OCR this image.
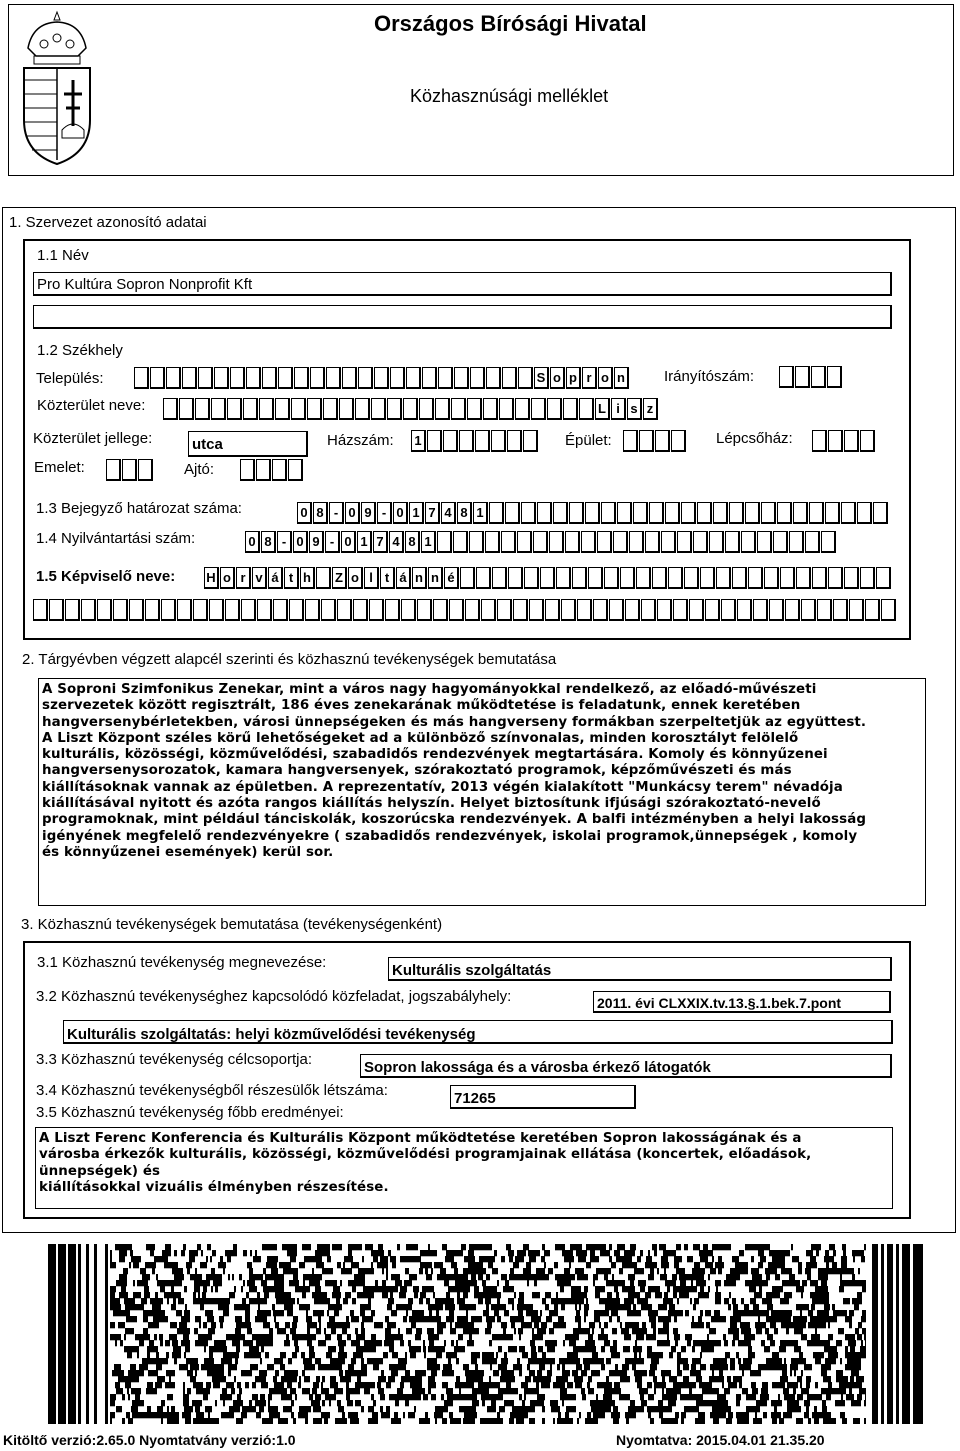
Országos Bírósági Hivatal
Közhasznúsági melléklet
1. Szervezet azonosító adatai
1.1 Név
Pro Kultúra Sopron Nonprofit Kft
1.2 Székhely
Település:	S o p r o n	Irányítószám:
Közterület neve:	L i s z
Közterület jellege:	utca	Házszám: 1	Épület:	Lépcsőház:
Emelet:	Ajtó:
1.3 Bejegyző határozat száma:	0 8 - 0 9 - 0 1 7 4 8 1
1.4 Nyilvántartási szám:	0 8 - 0 9 - 0 1 7 4 8 1
1.5 Képviselő neve: H o r v á t h	Z o l t á n n é
2. Tárgyévben végzett alapcél szerinti és közhasznú tevékenységek bemutatása
A Soproni Szimfonikus Zenekar, mint a város nagy hagyományokkal rendelkező, az előadó-művészeti
szervezetek között regisztrált, 186 éves zenekarának működtetése is feladatunk, ennek keretében
hangversenybérletekben, városi ünnepségeken és más hangverseny formákban szerpeltetjük az együttest.
A Liszt Központ széles körű lehetőségeket ad a különböző színvonalas, minden korosztályt felölelő
kulturális, közösségi, közművelődési, szabadidős rendezvények megtartására. Komoly és könnyűzenei
hangversenysorozatok, kamara hangversenyek, szórakoztató programok, képzőművészeti és más
kiállításoknak vannak az épületben. A reprezentatív, 2013 végén kialakított "Munkácsy terem" névadója
kiállításával nyitott és azóta rangos kiállítás helyszín. Helyet biztosítunk ifjúsági szórakoztató-nevelő
programoknak, mint például tánciskolák, koszorúcska rendezvények. A balfi intézményben a helyi lakosság
igényének megfelelő rendezvényekre ( szabadidős rendezvények, iskolai programok,ünnepségek , komoly
és könnyűzenei események) kerül sor.
3. Közhasznú tevékenységek bemutatása (tevékenységenként)
3.1 Közhasznú tevékenység megnevezése:	Kulturális szolgáltatás
3.2 Közhasznú tevékenységhez kapcsolódó közfeladat, jogszabályhely:	2011. évi CLXXIX.tv.13.§.1.bek.7.pont
Kulturális szolgáltatás: helyi közművelődési tevékenység
3.3 Közhasznú tevékenység célcsoportja:	Sopron lakossága és a városba érkező látogatók
3.4 Közhasznú tevékenységből részesülők létszáma:	71265
3.5 Közhasznú tevékenység főbb eredményei:
A Liszt Ferenc Konferencia és Kulturális Központ működtetése keretében Sopron lakosságának és a
városba érkezők kulturális, közösségi, közművelődési programjainak ellátása (koncertek, előadások, ünnepségek) és
kiállításokkal vizuális élményben részesítése.
Kitöltő verzió:2.65.0 Nyomtatvány verzió:1.0	Nyomtatva: 2015.04.01 21.35.20
